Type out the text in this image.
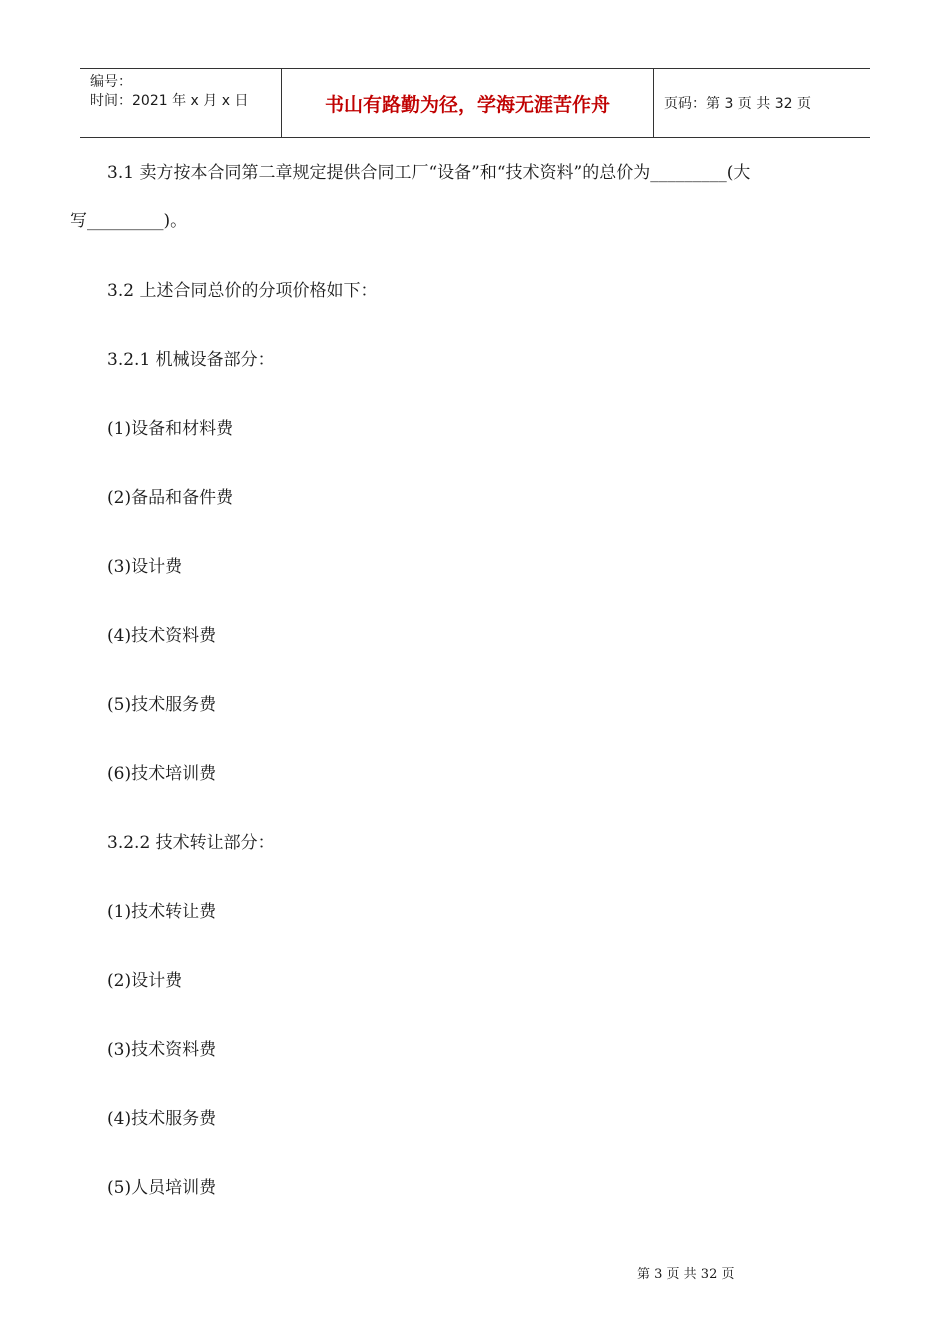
编号：
时间：2021 年 x 月 x 日	书山有路勤为径，学海无涯苦作舟	页码：第 3 页 共 32 页
3.1 卖方按本合同第二章规定提供合同工厂“设备”和“技术资料”的总价为_________(大
写_________)。
3.2 上述合同总价的分项价格如下：
3.2.1 机械设备部分：
(1)设备和材料费
(2)备品和备件费
(3)设计费
(4)技术资料费
(5)技术服务费
(6)技术培训费
3.2.2 技术转让部分：
(1)技术转让费
(2)设计费
(3)技术资料费
(4)技术服务费
(5)人员培训费
第 3 页 共 32 页
